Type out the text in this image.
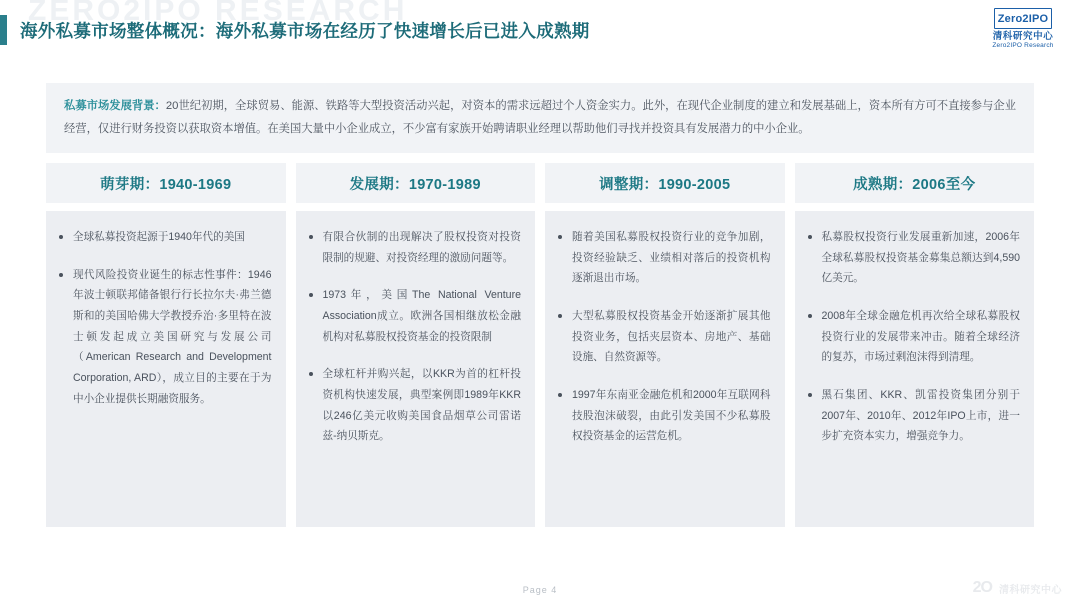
ZERO2IPO RESEARCH
海外私募市场整体概况：海外私募市场在经历了快速增长后已进入成熟期
Zero2IPO
清科研究中心
Zero2IPO Research

私募市场发展背景：20世纪初期，全球贸易、能源、铁路等大型投资活动兴起，对资本的需求远超过个人资金实力。此外，在现代企业制度的建立和发展基础上，资本所有方可不直接参与企业经营，仅进行财务投资以获取资本增值。在美国大量中小企业成立，不少富有家族开始聘请职业经理以帮助他们寻找并投资具有发展潜力的中小企业。

萌芽期：1940-1969
全球私募投资起源于1940年代的美国
现代风险投资业诞生的标志性事件：1946年波士顿联邦储备银行行长拉尔夫·弗兰德斯和的美国哈佛大学教授乔治·多里特在波士顿发起成立美国研究与发展公司（American Research and Development Corporation, ARD），成立目的主要在于为中小企业提供长期融资服务。
发展期：1970-1989
有限合伙制的出现解决了股权投资对投资限制的规避、对投资经理的激励问题等。
1973年，美国The National Venture Association成立。欧洲各国相继放松金融机构对私募股权投资基金的投资限制
全球杠杆并购兴起，以KKR为首的杠杆投资机构快速发展，典型案例即1989年KKR以246亿美元收购美国食品烟草公司雷诺兹-纳贝斯克。
调整期：1990-2005
随着美国私募股权投资行业的竞争加剧，投资经验缺乏、业绩相对落后的投资机构逐渐退出市场。
大型私募股权投资基金开始逐渐扩展其他投资业务，包括夹层资本、房地产、基础设施、自然资源等。
1997年东南亚金融危机和2000年互联网科技股泡沫破裂，由此引发美国不少私募股权投资基金的运营危机。
成熟期：2006至今
私募股权投资行业发展重新加速，2006年全球私募股权投资基金募集总额达到4,590亿美元。
2008年全球金融危机再次给全球私募股权投资行业的发展带来冲击。随着全球经济的复苏，市场过剩泡沫得到清理。
黑石集团、KKR、凯雷投资集团分别于2007年、2010年、2012年IPO上市，进一步扩充资本实力，增强竞争力。
Page 4	2O 清科研究中心
